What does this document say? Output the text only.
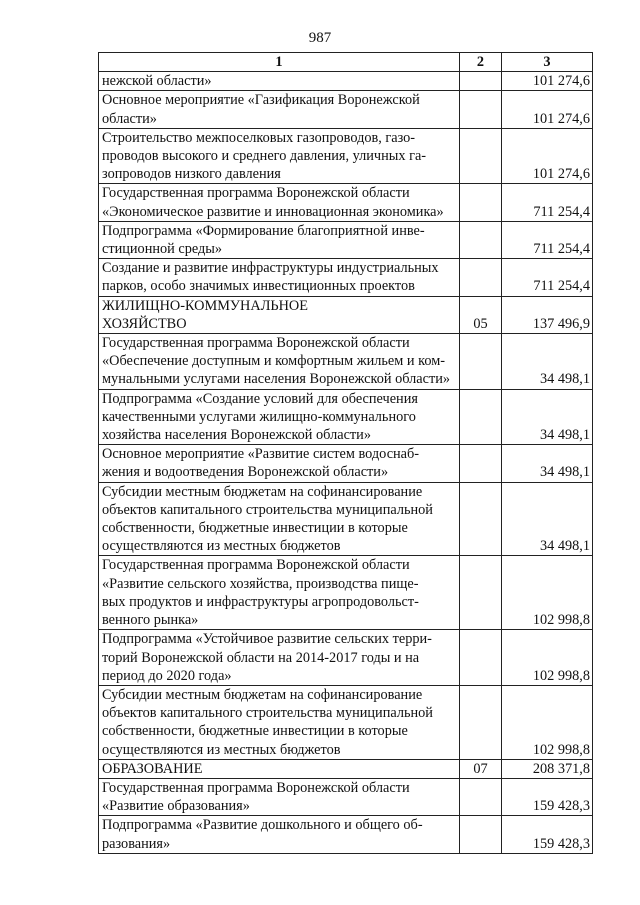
987
1	2	3
нежской области»		101 274,6
Основное мероприятие «Газификация Воронежской
области»		101 274,6
Строительство межпоселковых газопроводов, газо-
проводов высокого и среднего давления, уличных га-
зопроводов низкого давления		101 274,6
Государственная программа Воронежской области
«Экономическое развитие и инновационная экономика»		711 254,4
Подпрограмма «Формирование благоприятной инве-
стиционной среды»		711 254,4
Создание и развитие инфраструктуры индустриальных
парков, особо значимых инвестиционных проектов		711 254,4
ЖИЛИЩНО-КОММУНАЛЬНОЕ
ХОЗЯЙСТВО	05	137 496,9
Государственная программа Воронежской области
«Обеспечение доступным и комфортным жильем и ком-
мунальными услугами населения Воронежской области»		34 498,1
Подпрограмма «Создание условий для обеспечения
качественными услугами жилищно-коммунального
хозяйства населения Воронежской области»		34 498,1
Основное мероприятие «Развитие систем водоснаб-
жения и водоотведения Воронежской области»		34 498,1
Субсидии местным бюджетам на софинансирование
объектов капитального строительства муниципальной
собственности, бюджетные инвестиции в которые
осуществляются из местных бюджетов		34 498,1
Государственная программа Воронежской области
«Развитие сельского хозяйства, производства пище-
вых продуктов и инфраструктуры агропродовольст-
венного рынка»		102 998,8
Подпрограмма «Устойчивое развитие сельских терри-
торий Воронежской области на 2014-2017 годы и на
период до 2020 года»		102 998,8
Субсидии местным бюджетам на софинансирование
объектов капитального строительства муниципальной
собственности, бюджетные инвестиции в которые
осуществляются из местных бюджетов		102 998,8
ОБРАЗОВАНИЕ	07	208 371,8
Государственная программа Воронежской области
«Развитие образования»		159 428,3
Подпрограмма «Развитие дошкольного и общего об-
разования»		159 428,3
